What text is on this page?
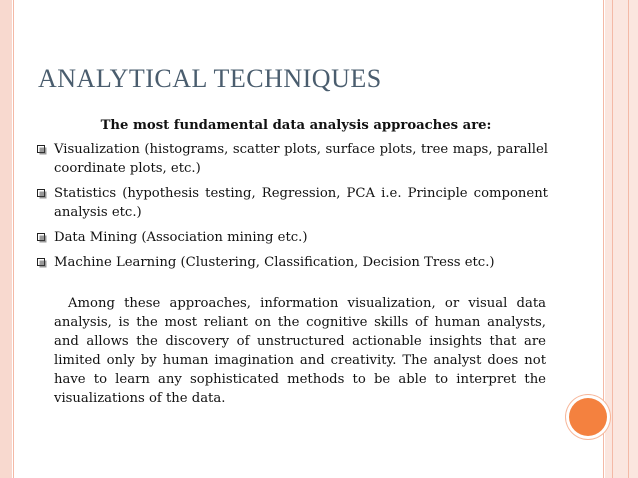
ANALYTICAL TECHNIQUES

The most fundamental data analysis approaches are:

Visualization (histograms, scatter plots, surface plots, tree maps, parallel coordinate plots, etc.)
Statistics (hypothesis testing, Regression, PCA i.e. Principle component analysis etc.)
Data Mining (Association mining etc.)
Machine Learning (Clustering, Classification, Decision Tress etc.)

Among these approaches, information visualization, or visual data analysis, is the most reliant on the cognitive skills of human analysts, and allows the discovery of unstructured actionable insights that are limited only by human imagination and creativity. The analyst does not have to learn any sophisticated methods to be able to interpret the visualizations of the data.
